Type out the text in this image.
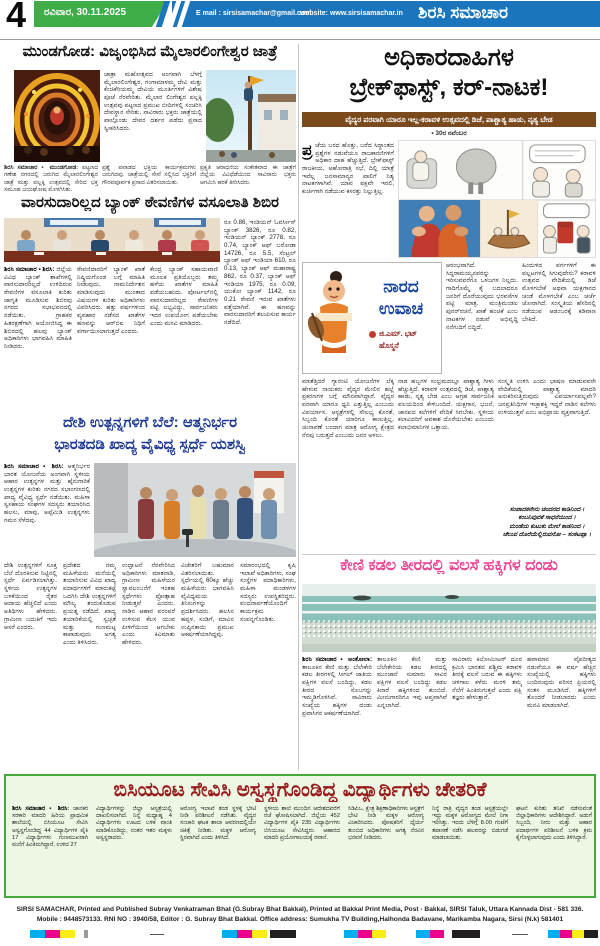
4 ರವಿವಾರ, 30.11.2025	E mail : sirsisamachar@gmail.com
website: www.sirsisamachar.in ಶಿರಸಿ ಸಮಾಚಾರ
ಮುಂಡಗೋಡ: ವಿಜೃಂಭಿಸಿದ ಮೈಲಾರಲಿಂಗೇಶ್ವರ ಜಾತ್ರೆ
ಜಾತ್ರಾ ಮಹೋತ್ಸವದ ಅಂಗವಾಗಿ ಬೆಳಗ್ಗೆ ಮೈಲಾರಲಿಂಗೇಶ್ವರ, ಗಂಗಾಮಾಳಮ್ಮ ದೇವಿ ಮತ್ತು ಕೆಂಚಿಕೆರಿಯಮ್ಮ ದೇವಿಯ ಮೂರ್ತಿಗಳಿಗೆ ವಿಶೇಷ ಪೂಜೆ ನೆರವೇರಿತು. ಮೈಲಾರ ಲಿಂಗೇಶ್ವರ ಪಲ್ಲಕ್ಕಿ ಉತ್ಸವವು ಪಟ್ಟಣದ ಪ್ರಮುಖ ಬೀದಿಗಳಲ್ಲಿ ಸಂಚರಿಸಿ ದೇವಸ್ಥಾನ ಸೇರಿತು. ಸಾವಿರಾರು ಭಕ್ತರು ಜಾತ್ರೆಯಲ್ಲಿ ಪಾಲ್ಗೊಂಡು ದೇವರ ದರ್ಶನ ಪಡೆದು ಪ್ರಸಾದ ಸ್ವೀಕರಿಸಿದರು.
ಶಿರಸಿ ಸಮಾಚಾರ ▪ ಮುಂಡಗೋಡ: ಪಟ್ಟಣದ ಗಣೇಶ ನಗರದಲ್ಲಿ ಜರುಗಿದ ಮೈಲಾರಲಿಂಗೇಶ್ವರ ಜಾತ್ರೆ ಮತ್ತು ಪಲ್ಲಕ್ಕಿ ಉತ್ಸವದಲ್ಲಿ ಸೇರಿದ ಭಕ್ತ ಸಮೂಹ ಜಯಘೋಷ ಮೊಳಗಿಸಿತು.
ಪ್ರಶ್ನೆ ಪವಾಡದ ಭಕ್ತಿಯ ಕಾರ್ಯಕ್ರಮಗಳು ಜರುಗಿದವು. ಜಾತ್ರೆಯಲ್ಲಿ ಸೇವೆ ಸಲ್ಲಿಸಿದ ಭಕ್ತರಿಗೆ ಗೌರವಪೂರ್ವಕ ಪ್ರಸಾದ ವಿತರಿಸಲಾಯಿತು.
ಪ್ರಕೃತಿ ಆರಾಧನೆಯ ಸಂಕೇತವಾದ ಈ ಜಾತ್ರೆಗೆ ಜಿಲ್ಲೆಯ ವಿವಿಧೆಡೆಯಿಂದ ಸಾವಿರಾರು ಭಕ್ತರು ಆಗಮಿಸಿ ಹರಕೆ ತೀರಿಸಿದರು.
ವಾರಸುದಾರಿಲ್ಲದ ಬ್ಯಾಂಕ್ ಠೇವಣಿಗಳ ವಸೂಲಾತಿ ಶಿಬಿರ
ರೂ 0.86, ಇಂಡಿಯನ್ ಓವರ್ಸೀಸ್ ಬ್ಯಾಂಕ್ 3826, ರೂ 0.82, ಇಂಡಿಯನ್ ಬ್ಯಾಂಕ್ 2778, ರೂ 0.74, ಬ್ಯಾಂಕ್ ಆಫ್ ಬರೋಡಾ 14726, ರೂ 5.5, ಸೆಂಟ್ರಲ್ ಬ್ಯಾಂಕ್ ಆಫ್ ಇಂಡಿಯಾ 610, ರೂ 0.13, ಬ್ಯಾಂಕ್ ಆಫ್ ಮಹಾರಾಷ್ಟ್ರ 862, ರೂ 0.37, ಬ್ಯಾಂಕ್ ಆಫ್ ಇಂಡಿಯಾ 1975, ರೂ 0.09, ಯುಕೋ ಬ್ಯಾಂಕ್ 1142, ರೂ 0.21 ಠೇವಣಿ ಇರುವ ಖಾತೆಗಳು ಪತ್ತೆಯಾಗಿವೆ. ಈ ಹಣವನ್ನು ವಾರಸುದಾರರಿಗೆ ತಲುಪಿಸುವ ಕಾರ್ಯ ನಡೆದಿದೆ.
ಶಿರಸಿ ಸಮಾಚಾರ ▪ ಶಿರಸಿ: ಜಿಲ್ಲೆಯ ವಿವಿಧ ಬ್ಯಾಂಕ್ ಶಾಖೆಗಳಲ್ಲಿ ವಾರಸುದಾರರಿಲ್ಲದೆ ಉಳಿದಿರುವ ಠೇವಣಿಗಳ ವಸೂಲಾತಿ ಕುರಿತು ಜಾಗೃತಿ ಮೂಡಿಸುವ ಶಿಬಿರವು ನಗರದ ಸಭಾಭವನದಲ್ಲಿ ನಡೆಯಿತು. ಗ್ರಾಹಕರ ಹಿತರಕ್ಷಣೆಗಾಗಿ ಆಯೋಜಿಸಿದ್ದ ಈ ಶಿಬಿರದಲ್ಲಿ ಹಲವು ಬ್ಯಾಂಕ್ ಅಧಿಕಾರಿಗಳು ಭಾಗವಹಿಸಿ ಮಾಹಿತಿ ನೀಡಿದರು.
ಠೇವಣಿದಾರರಿಗೆ ಬ್ಯಾಂಕ್ ಖಾತೆ ನಿಷ್ಕ್ರಿಯಗೊಂಡ ಬಗ್ಗೆ ಮಾಹಿತಿ ನೀಡುವುದು, ನಾಮನಿರ್ದೇಶನ ಮಾಡಿಸುವುದು ಮುಂತಾದ ವಿಷಯಗಳ ಕುರಿತು ಅಧಿಕಾರಿಗಳು ವಿವರಿಸಿದರು. ಹತ್ತು ವರ್ಷಗಳಿಂದ ವ್ಯವಹಾರ ನಡೆಸದ ಖಾತೆಗಳ ಹಣವನ್ನು ಆರ್‌ಬಿಐ ನಿಧಿಗೆ ವರ್ಗಾಯಿಸಲಾಗುತ್ತದೆ ಎಂದರು.
ಕೇಂದ್ರ ಬ್ಯಾಂಕ್ ಸಹಾಯವಾಣಿ ಮೂಲಕ ಪ್ರತಿಯೊಬ್ಬರು ತಮ್ಮ ಹಳೆಯ ಖಾತೆಗಳ ಮಾಹಿತಿ ಪಡೆಯಬಹುದು. ಪೋರ್ಟಲ್‌ನಲ್ಲಿ ವಾರಸುದಾರರಿಲ್ಲದ ಠೇವಣಿಗಳ ಪಟ್ಟಿ ಲಭ್ಯವಿದ್ದು, ಸಾರ್ವಜನಿಕರು ಇದರ ಉಪಯೋಗ ಪಡೆಯಬೇಕು ಎಂದು ಮನವಿ ಮಾಡಿದರು.
ದೇಶಿ ಉತ್ಪನ್ನಗಳಿಗೆ ಬೆಲೆ: ಆತ್ಮನಿರ್ಭರ
ಭಾರತದಡಿ ಖಾದ್ಯ ವೈವಿಧ್ಯ ಸ್ಪರ್ಧೆ ಯಶಸ್ವಿ
ಶಿರಸಿ ಸಮಾಚಾರ ▪ ಶಿರಸಿ: ಆತ್ಮನಿರ್ಭರ ಭಾರತ ಯೋಜನೆಯ ಅಂಗವಾಗಿ ಸ್ಥಳೀಯ ಆಹಾರ ಉತ್ಪನ್ನಗಳ ಮತ್ತು ಹೈನುಗಾರಿಕೆ ಉತ್ಪನ್ನಗಳ ಕುರಿತು ನಗರದ ಸಭಾಂಗಣದಲ್ಲಿ ಖಾದ್ಯ ವೈವಿಧ್ಯ ಸ್ಪರ್ಧೆ ನಡೆಯಿತು. ಮಹಿಳಾ ಸ್ವಸಹಾಯ ಸಂಘಗಳ ಸದಸ್ಯರು ತಯಾರಿಸಿದ ಹಲಸು, ಮಾವು, ಅಪ್ಪೆಮಿಡಿ ಉತ್ಪನ್ನಗಳು ಗಮನ ಸೆಳೆದವು.
ದೇಶಿ ಉತ್ಪನ್ನಗಳಿಗೆ ಸೂಕ್ತ ಬೆಲೆ ದೊರಕಿಸುವ ನಿಟ್ಟಿನಲ್ಲಿ ಸ್ಪರ್ಧೆ ಏರ್ಪಡಿಸಲಾಗಿತ್ತು. ಸ್ಥಳೀಯ ಉತ್ಪನ್ನಗಳ ಬಳಕೆಯಿಂದ ರೈತರ ಆದಾಯ ಹೆಚ್ಚಲಿದೆ ಎಂದು ಅತಿಥಿಗಳು ಹೇಳಿದರು. ಗ್ರಾಮೀಣ ಬದುಕಿಗೆ ಇದು ಆಸರೆ ಎಂದರು.
ಪ್ರದೇಶದ ನಮ್ಮ ಮಹಿಳೆಯರು ಮನೆಯಲ್ಲಿ ತಯಾರಿಸುವ ವಿವಿಧ ಖಾದ್ಯ ಪದಾರ್ಥಗಳಿಗೆ ಮಾರುಕಟ್ಟೆ ಒದಗಿಸಿ ದೇಶಿ ಉತ್ಪನ್ನಗಳಿಗೆ ಮೌಲ್ಯ ತಂದುಕೊಡುವ ಪ್ರಯತ್ನ ನಡೆದಿದೆ. ಖಾದ್ಯ ತಯಾರಿಕೆಯಲ್ಲಿ ಸ್ವಚ್ಛತೆ ಮತ್ತು ಗುಣಮಟ್ಟ ಕಾಪಾಡುವುದು ಅಗತ್ಯ ಎಂದು ತಿಳಿಸಿದರು.
ಉದ್ಘಾಟನೆ ನೆರವೇರಿಸಿದ ಅಧಿಕಾರಿಗಳು ಮಾತನಾಡಿ, ಗ್ರಾಮೀಣ ಮಹಿಳೆಯರ ಸ್ವಾವಲಂಬನೆಗೆ ಇಂತಹ ಸ್ಪರ್ಧೆಗಳು ಪ್ರೋತ್ಸಾಹ ನೀಡುತ್ತವೆ ಎಂದರು. ನಾಡಿನ ಆಹಾರ ಪರಂಪರೆ ಉಳಿಸುವ ಕೆಲಸ ಯುವ ಪೀಳಿಗೆಯಿಂದ ಆಗಬೇಕು ಎಂದು ಕಿವಿಮಾತು ಹೇಳಿದರು.
ವಿಜೇತರಿಗೆ ಬಹುಮಾನ ವಿತರಿಸಲಾಯಿತು. ಸ್ಪರ್ಧೆಯಲ್ಲಿ 60ಕ್ಕೂ ಹೆಚ್ಚು ಮಹಿಳೆಯರು ಭಾಗವಹಿಸಿ ವೈವಿಧ್ಯಮಯ ತಿನಿಸುಗಳನ್ನು ಪ್ರದರ್ಶಿಸಿದರು. ಹಲಸಿನ ಹಪ್ಪಳ, ಸಂಡಿಗೆ, ಮಾವಿನ ಉಪ್ಪಿನಕಾಯಿ ಪ್ರಮುಖ ಆಕರ್ಷಣೆಯಾಗಿದ್ದವು.
ಸಮಾರಂಭದಲ್ಲಿ ಕೃಷಿ ಇಲಾಖೆ ಅಧಿಕಾರಿಗಳು, ಸಂಘ ಸಂಸ್ಥೆಗಳ ಪದಾಧಿಕಾರಿಗಳು, ಮಹಿಳಾ ಮಂಡಳಗಳ ಸದಸ್ಯರು ಉಪಸ್ಥಿತರಿದ್ದರು. ವಂದನಾರ್ಪಣೆಯೊಂದಿಗೆ ಕಾರ್ಯಕ್ರಮ ಸಂಪನ್ನಗೊಂಡಿತು.
ಅಧಿಕಾರದಾಹಿಗಳ
ಬ್ರೇಕ್‌ಫಾಸ್ಟ್, ಕರ್-ನಾಟಕ!
ವೈದ್ಯರ ಪರವಾಗಿ ಯಾರೂ ಇಲ್ಲ-ಕರಾವಳಿ ಉತ್ಸವದಲ್ಲಿ ಡಿಜೆ, ಪಾಶ್ಚಾತ್ಯ ಹಾಡು, ನೃತ್ಯ ಬೇಡ
• 30ರ ನವೆಂಬರ
ಪ್ರ ಜೆಯ ಬರದ ಹೊತ್ತು, ಬರೆದ ಸಿದ್ಧಾಂತದ ಪ್ರಶ್ನೆಗಳ ನಡುವೆಯೂ ರಾಜಕಾರಣಿಗಳಿಗೆ ಅಧಿಕಾರ ದಾಹ ಹೆಚ್ಚುತ್ತಿದೆ. ಬ್ರೇಕ್‌ಫಾಸ್ಟ್ ರಾಜಕೀಯ, ಅಹೋರಾತ್ರಿ ಸಭೆ, ದಿಲ್ಲಿ ಯಾತ್ರೆ ಇವೆಲ್ಲ ಜನಸಾಮಾನ್ಯರ ಪಾಲಿಗೆ ನಿತ್ಯ ನಾಟಕಗಳಾಗಿವೆ. ಯಾವ ಪಕ್ಷವೇ ಇರಲಿ, ಕುರ್ಚಿಗಾಗಿ ನಡೆಯುವ ಕಸರತ್ತು ನಿಲ್ಲುತ್ತಿಲ್ಲ.
ನಾರದ
ಉವಾಚ
ಜಿ.ಎಮ್. ಭಟ್
ಹೊಸ್ಮನೆ
ಆರಂಭವಾಗಿದೆ. ಸಿದ್ದರಾಮಯ್ಯನವರನ್ನು ಇರಿಸುವವರೆಗೂ ಒಳಜಗಳ ನಿಲ್ಲದು. ಗಾದಿಗೊಮ್ಮೆ ಕೈ ಬದಲಾದರೂ ಜನರಿಗೆ ದೊರೆಯುವುದು ಭರವಸೆಗಳ ಪಟ್ಟಿ ಮಾತ್ರ. ಮಂತ್ರಿಮಂಡಲ ಪುನರ್‌ರಚನೆ, ಖಾತೆ ಹಂಚಿಕೆ ಎಂಬ ನಾಟಕಗಳ ನಡುವೆ ಅಭಿವೃದ್ಧಿ ನನೆಗುದಿಗೆ ಬಿದ್ದಿದೆ.
ಹಿಂದುಳಿದ ವರ್ಗಗಳಿಗೆ ಈ ಪಲ್ಲಟಗಳಲ್ಲಿ ಸಿಗುವುದೇನು? ಕರಾವಳಿ ಉತ್ಸವದ ವೇದಿಕೆಯಲ್ಲಿ ಡಿಜೆ ಮೊಳಗಬೇಕೆ ಅಥವಾ ಯಕ್ಷಗಾನದ ಚಂಡೆ ಮೊಳಗಬೇಕೆ ಎಂಬ ಚರ್ಚೆ ಜೋರಾಗಿದೆ. ಸಂಸ್ಕೃತಿಯ ಹೆಸರಿನಲ್ಲಿ ನಡೆಯುವ ಆಡಂಬರಕ್ಕೆ ಕಡಿವಾಣ ಬೇಕಿದೆ.
ಮಾತೆತ್ತಿದರೆ ಗ್ಯಾರಂಟಿ ಯೋಜನೆಗಳ ಲೆಕ್ಕ ಹೇಳುವ ನಾಯಕರು ವೈದ್ಯರ ಮೇಲಿನ ಹಲ್ಲೆ ಪ್ರಕರಣಗಳ ಬಗ್ಗೆ ಮೌನವಾಗಿದ್ದಾರೆ. ವೈದ್ಯರ ಪರವಾಗಿ ಯಾರೂ ಧ್ವನಿ ಎತ್ತುತ್ತಿಲ್ಲ ಎಂಬುದು ವಿಪರ್ಯಾಸ. ಆಸ್ಪತ್ರೆಗಳಲ್ಲಿ ಸೌಲಭ್ಯ ಕೊರತೆ, ಸಿಬ್ಬಂದಿ ಕೊರತೆ ಯಾರಿಗೂ ಕಾಣುತ್ತಿಲ್ಲ. ಚುನಾವಣೆ ಬಂದಾಗ ಮಾತ್ರ ಆರೋಗ್ಯ ಕ್ಷೇತ್ರದ ನೆನಪು ಬರುತ್ತದೆ ಎಂಬುದು ಜನರ ಅಳಲು.
ನಾಡ ಹಬ್ಬಗಳ ಸಂಭ್ರಮದಲ್ಲೂ ಪಾಶ್ಚಾತ್ಯ ಗೀಳು ಹೆಚ್ಚುತ್ತಿದೆ. ಕರಾವಳಿ ಉತ್ಸವದಲ್ಲಿ ಡಿಜೆ, ಪಾಶ್ಚಾತ್ಯ ಹಾಡು, ನೃತ್ಯ ಬೇಡ ಎಂಬ ಆಗ್ರಹ ಸಾರ್ವಜನಿಕ ವಲಯದಿಂದ ಕೇಳಿಬಂದಿದೆ. ಯಕ್ಷಗಾನ, ಭಜನೆ, ಜಾನಪದ ಕಲೆಗಳಿಗೆ ವೇದಿಕೆ ಸಿಗಬೇಕು. ಸ್ಥಳೀಯ ಕಲಾವಿದರಿಗೆ ಅವಕಾಶ ದೊರೆಯಬೇಕು ಎಂಬುದು ಕಲಾಭಿಮಾನಿಗಳ ಒತ್ತಾಯ.
ಸಂಸ್ಕೃತಿ ಉಳಿಸಿ ಎಂದು ಭಾಷಣ ಮಾಡುವವರೇ ವೇದಿಕೆಯಲ್ಲಿ ಪಾಶ್ಚಾತ್ಯ ಮಾದರಿ ಅನುಕರಿಸುತ್ತಿರುವುದು ವಿಪರ್ಯಾಸವಲ್ಲವೇ? ಜನಪ್ರತಿನಿಧಿಗಳ ಇಚ್ಛಾಶಕ್ತಿ ಇದ್ದರೆ ನಾಡಿನ ಕಲೆಗಳು ಉಳಿಯುತ್ತವೆ ಎಂಬ ಅಭಿಪ್ರಾಯ ವ್ಯಕ್ತವಾಗುತ್ತಿದೆ.
ಸಂಪಾದಕನೇನು ಚಂದನದ ಕಾಡಿನಿಂದ ।
ಕಂಬನಿವುದಕೆ ಸಾಧನೆಯಿಂದ ।
ಮಂಡೆಯ ಕುಟುಕು ಮೇಲೆ ಕಾಡನಿಂದ ।
ಚೆಲುವ ದೊರೆಯೆಲ್ಲಿರುವನೋ – ಸಂಕಟಪ್ಪಾ ।
ಕೇಣಿ ಕಡಲ ತೀರದಲ್ಲಿ ವಲಸೆ ಹಕ್ಕಿಗಳ ದಂಡು
ಶಿರಸಿ ಸಮಾಚಾರ ▪ ಅಂಕೋಲಾ: ತಾಲೂಕಿನ ಕೇಣಿ ಮತ್ತು ಬೆಲೇಕೇರಿ ಕಡಲ ತೀರಗಳಲ್ಲಿ ಸೀಗಲ್ ಜಾತಿಯ ಪಕ್ಷಿಗಳ ವಲಸೆ ಬಂದಿದ್ದು, ಕಡಲ ತೀರದ ಸೊಬಗನ್ನು ಇಮ್ಮಡಿಗೊಳಿಸಿವೆ. ಸಾವಿರಾರು ಸಂಖ್ಯೆಯ ಹಕ್ಕಿಗಳ ದಂಡು ಪ್ರವಾಸಿಗರ ಆಕರ್ಷಣೆಯಾಗಿದೆ.
ತಾಲೂಕಿನ ಕೇಣಿ ಮತ್ತು ಬೆಲೇಕೇರಿಯ ಕಡಲ ತೀರದಲ್ಲಿ ಮುಂಜಾನೆ ಸುಮಾರು ಸಾವಿರ ಪಕ್ಷಿಗಳ ವಲಸೆ ಬಂದಿದ್ದು ಕಡಲ ಕಿನಾರೆ ಹಕ್ಕಿಗಳಿಂದ ತುಂಬಿದೆ. ಮೀನುಗಾರರಿಗೂ ಇವು ಆಪ್ತವಾಗಿವೆ ಎನ್ನಲಾಗಿದೆ.
ಸಾವಿರಾರು ಕಿಲೋಮೀಟರ್ ದೂರ ಕ್ರಮಿಸಿ ಭಾರತದ ಪಶ್ಚಿಮ ಕರಾವಳಿ ತೀರಕ್ಕೆ ವಲಸೆ ಬರುವ ಈ ಹಕ್ಕಿಗಳು ಚಳಿಗಾಲ ಕಳೆದು ಮರಳಿ ತಮ್ಮ ನೆಲೆಗೆ ಹಿಂತಿರುಗುತ್ತವೆ ಎಂದು ಪಕ್ಷಿ ತಜ್ಞರು ಹೇಳುತ್ತಾರೆ.
ಹವಾಮಾನ ವೈಪರೀತ್ಯದ ನಡುವೆಯೂ ಈ ವರ್ಷ ಹೆಚ್ಚಿನ ಸಂಖ್ಯೆಯಲ್ಲಿ ಹಕ್ಕಿಗಳು ಬಂದಿರುವುದು ಪರಿಸರ ಪ್ರಿಯರಲ್ಲಿ ಸಂತಸ ಮೂಡಿಸಿದೆ. ಹಕ್ಕಿಗಳಿಗೆ ತೊಂದರೆ ನೀಡಬಾರದು ಎಂದು ಮನವಿ ಮಾಡಲಾಗಿದೆ.
ಬಿಸಿಯೂಟ ಸೇವಿಸಿ ಅಸ್ವಸ್ಥಗೊಂಡಿದ್ದ ವಿದ್ಯಾರ್ಥಿಗಳು ಚೇತರಿಕೆ
ಶಿರಸಿ ಸಮಾಚಾರ ▪ ಶಿರಸಿ: ಜಾನಕರ ಸರಕಾರಿ ಮಾದರಿ ಹಿರಿಯ ಪ್ರಾಥಮಿಕ ಶಾಲೆಯಲ್ಲಿ ಬಿಸಿಯೂಟ ಸೇವಿಸಿ ಅಸ್ವಸ್ಥಗೊಂಡಿದ್ದ 44 ವಿದ್ಯಾರ್ಥಿಗಳ ಪೈಕಿ 17 ವಿದ್ಯಾರ್ಥಿಗಳು ಗುಣಮುಖರಾಗಿ ಮನೆಗೆ ಹಿಂತಿರುಗಿದ್ದಾರೆ, ಉಳಿದ 27
ವಿದ್ಯಾರ್ಥಿಗಳನ್ನು ಜಿಲ್ಲಾ ಆಸ್ಪತ್ರೆಯಲ್ಲಿ ದಾಖಲಿಸಲಾಗಿದೆ. ನಿನ್ನೆ ಮಧ್ಯಾಹ್ನ 4 ವಿದ್ಯಾರ್ಥಿಗಳು ಊಟದ ಬಳಿಕ ವಾಂತಿ ಮಾಡಿಕೊಂಡಿದ್ದು, ನಂತರ ಇತರ ಮಕ್ಕಳು ಅಸ್ವಸ್ಥರಾದರು.
ಆರೋಗ್ಯ ಇಲಾಖೆ ತಂಡ ಸ್ಥಳಕ್ಕೆ ಭೇಟಿ ನೀಡಿ ಪರಿಶೀಲನೆ ನಡೆಸಿತು. ವೈದ್ಯರ ಸಂಚಾರಿ ಘಟಕ ಶಾಲಾ ಆವರಣದಲ್ಲಿಯೇ ಚಿಕಿತ್ಸೆ ನೀಡಿತು. ಮಕ್ಕಳ ಆರೋಗ್ಯ ಸ್ಥಿರವಾಗಿದೆ ಎಂದು ತಿಳಿಸಿದೆ.
ಸ್ಥಳೀಯ ಶಾಲೆ ಮುಂದಿನ ಆದೇಶದವರೆಗೆ ರಜೆ ಘೋಷಿಸಲಾಗಿದೆ. ಜಿಲ್ಲೆಯ 452 ವಿದ್ಯಾರ್ಥಿಗಳ ಪೈಕಿ 235 ವಿದ್ಯಾರ್ಥಿಗಳು ಬಿಸಿಯೂಟ ಸೇವಿಸಿದ್ದರು. ಆಹಾರದ ಮಾದರಿ ಪ್ರಯೋಗಾಲಯಕ್ಕೆ ರವಾನೆ.
ಸಿಡಿಪಿಒ, ಕ್ಷೇತ್ರ ಶಿಕ್ಷಣಾಧಿಕಾರಿಗಳು ಆಸ್ಪತ್ರೆಗೆ ಭೇಟಿ ನೀಡಿ ಮಕ್ಕಳ ಆರೋಗ್ಯ ವಿಚಾರಿಸಿದರು. ಪೋಷಕರಿಗೆ ಧೈರ್ಯ ತುಂಬಿದ ಅಧಿಕಾರಿಗಳು ಅಗತ್ಯ ನೆರವಿನ ಭರವಸೆ ನೀಡಿದರು.
ನಿನ್ನೆ ರಾತ್ರಿ ವೈದ್ಯರ ತಂಡ ಆಸ್ಪತ್ರೆಯಲ್ಲೇ ಇದ್ದು ಮಕ್ಕಳ ಆರೋಗ್ಯದ ಮೇಲೆ ನಿಗಾ ಇರಿಸಿತ್ತು. ಇಂದು ಬೆಳಿಗ್ಗೆ 8.00 ಗಂಟೆಗೆ ತಪಾಸಣೆ ನಡೆಸಿ ಹಲವರನ್ನು ಬಿಡುಗಡೆ ಮಾಡಲಾಯಿತು.
ಘಟನೆ ಕುರಿತು ತನಿಖೆ ನಡೆಸುವಂತೆ ಜಿಲ್ಲಾಧಿಕಾರಿಗಳು ಆದೇಶಿಸಿದ್ದಾರೆ. ಅಡುಗೆ ಸಿಬ್ಬಂದಿ, ನೀರು ಮತ್ತು ಆಹಾರ ಪದಾರ್ಥಗಳ ಪರಿಶೀಲನೆ ಬಳಿಕ ಕ್ರಮ ಕೈಗೊಳ್ಳಲಾಗುವುದು ಎಂದು ತಿಳಿಸಿದ್ದಾರೆ.
SIRSI SAMACHAR, Printed and Published Subray Venkatraman Bhat (G.Subray Bhat Bakkal), Printed at Bakkal Print Media, Post - Bakkal, SIRSI Taluk, Uttara Kannada Dist - 581 336.
Mobile : 9448573133. RNI NO : 3940/58, Editor : G. Subray Bhat Bakkal. Office address: Sumukha TV Building,Halhonda Badavane, Marikamba Nagara, Sirsi (N.k) 581401
